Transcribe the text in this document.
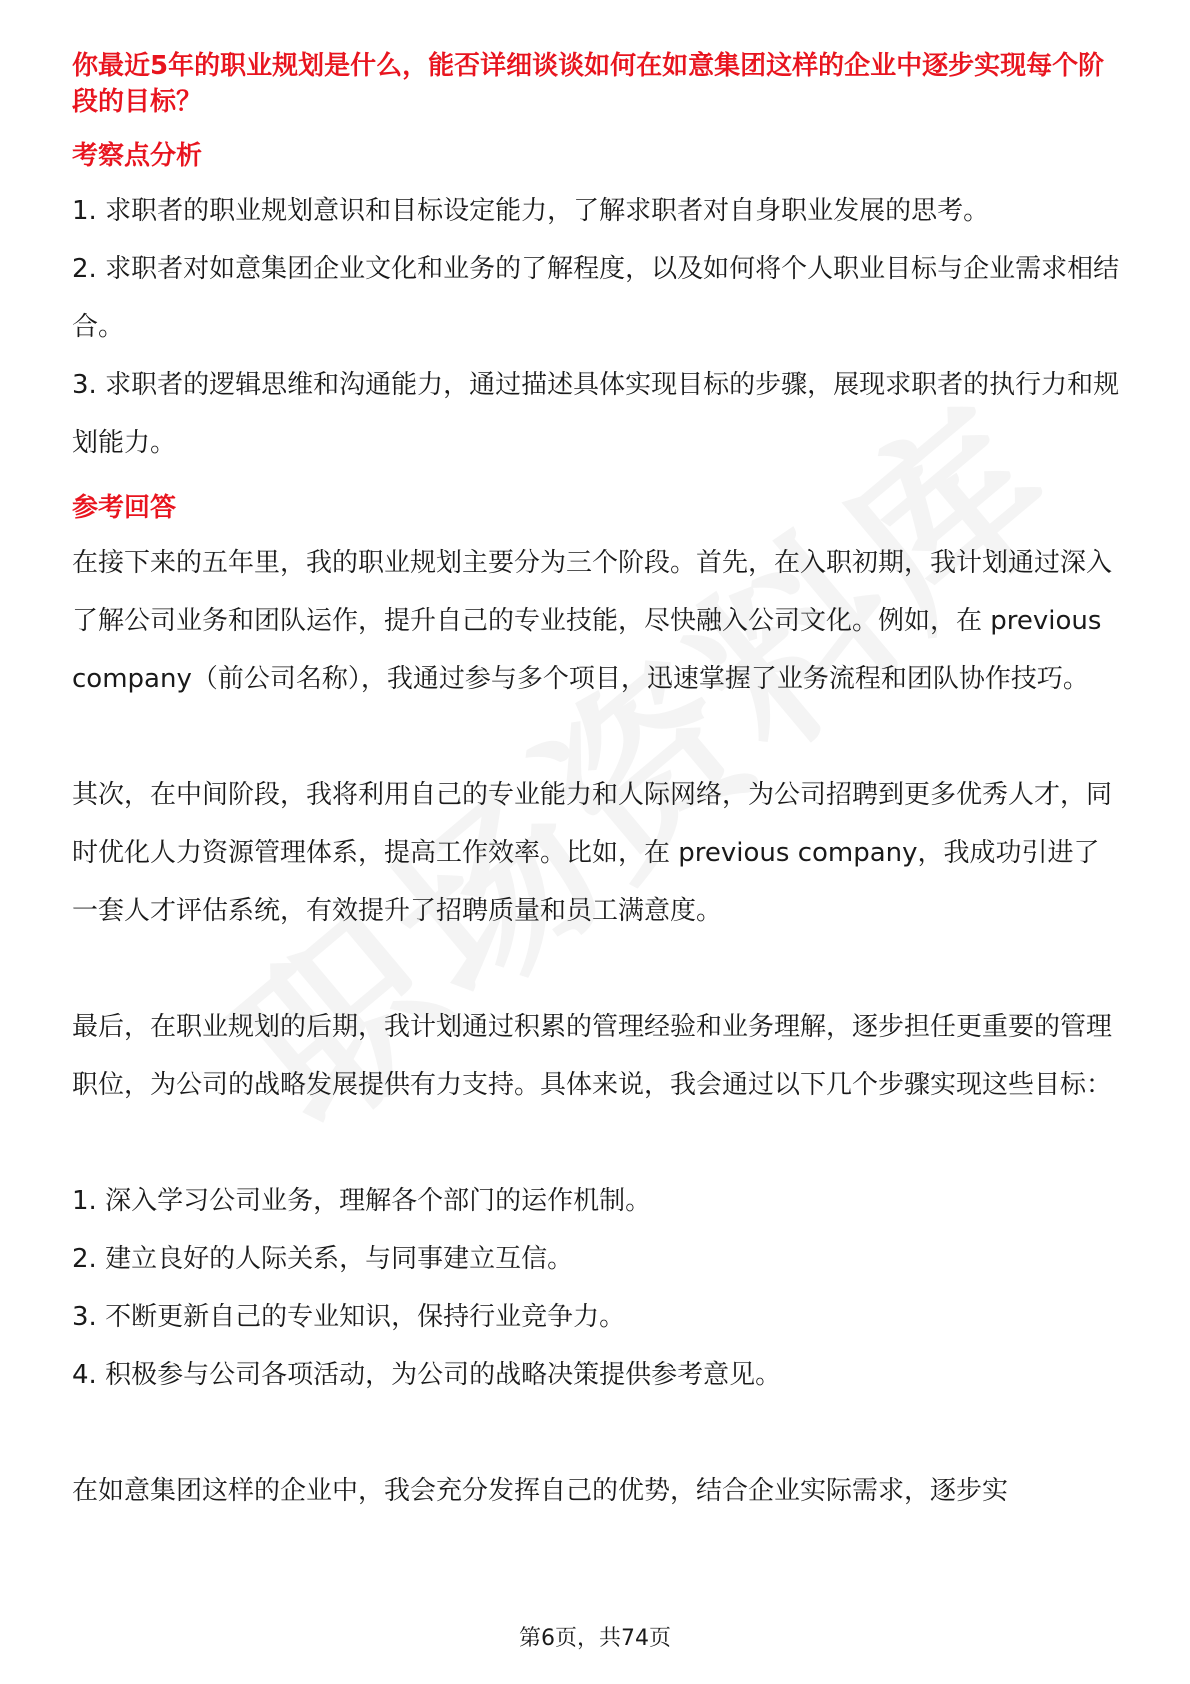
你最近5年的职业规划是什么，能否详细谈谈如何在如意集团这样的企业中逐步实现每个阶段的目标？

考察点分析

1. 求职者的职业规划意识和目标设定能力，了解求职者对自身职业发展的思考。

2. 求职者对如意集团企业文化和业务的了解程度，以及如何将个人职业目标与企业需求相结合。

3. 求职者的逻辑思维和沟通能力，通过描述具体实现目标的步骤，展现求职者的执行力和规划能力。

参考回答

在接下来的五年里，我的职业规划主要分为三个阶段。首先，在入职初期，我计划通过深入了解公司业务和团队运作，提升自己的专业技能，尽快融入公司文化。例如，在 previous company（前公司名称），我通过参与多个项目，迅速掌握了业务流程和团队协作技巧。

其次，在中间阶段，我将利用自己的专业能力和人际网络，为公司招聘到更多优秀人才，同时优化人力资源管理体系，提高工作效率。比如，在 previous company，我成功引进了一套人才评估系统，有效提升了招聘质量和员工满意度。

最后，在职业规划的后期，我计划通过积累的管理经验和业务理解，逐步担任更重要的管理职位，为公司的战略发展提供有力支持。具体来说，我会通过以下几个步骤实现这些目标：

1. 深入学习公司业务，理解各个部门的运作机制。

2. 建立良好的人际关系，与同事建立互信。

3. 不断更新自己的专业知识，保持行业竞争力。

4. 积极参与公司各项活动，为公司的战略决策提供参考意见。

在如意集团这样的企业中，我会充分发挥自己的优势，结合企业实际需求，逐步实

第6页，共74页
